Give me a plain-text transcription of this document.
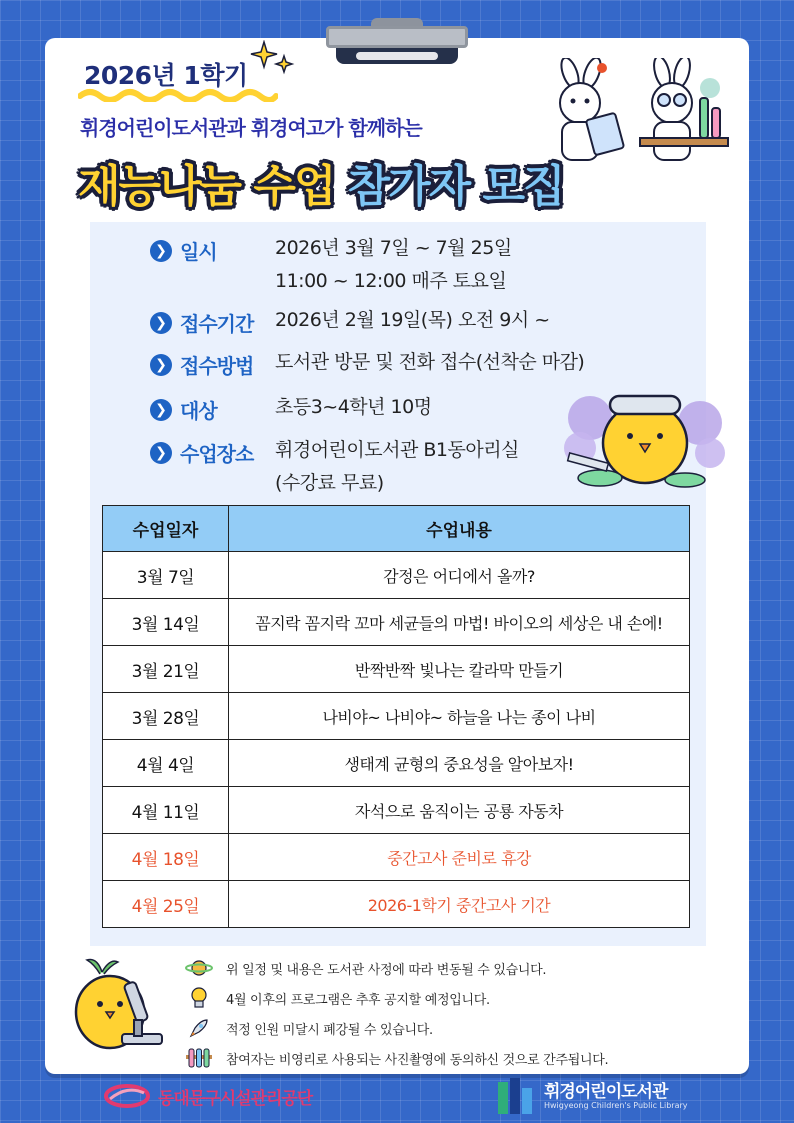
2026년 1학기
휘경어린이도서관과 휘경여고가 함께하는
재능나눔 수업 참가자 모집
❯ 일시	2026년 3월 7일 ~ 7월 25일
11:00 ~ 12:00 매주 토요일
❯ 접수기간	2026년 2월 19일(목) 오전 9시 ~
❯ 접수방법	도서관 방문 및 전화 접수(선착순 마감)
❯ 대상	초등3~4학년 10명
❯ 수업장소	휘경어린이도서관 B1동아리실
(수강료 무료)
수업일자	수업내용
3월 7일	감정은 어디에서 올까?
3월 14일	꼼지락 꼼지락 꼬마 세균들의 마법! 바이오의 세상은 내 손에!
3월 21일	반짝반짝 빛나는 칼라막 만들기
3월 28일	나비야~ 나비야~ 하늘을 나는 종이 나비
4월 4일	생태계 균형의 중요성을 알아보자!
4월 11일	자석으로 움직이는 공룡 자동차
4월 18일	중간고사 준비로 휴강
4월 25일	2026-1학기 중간고사 기간
위 일정 및 내용은 도서관 사정에 따라 변동될 수 있습니다.
4월 이후의 프로그램은 추후 공지할 예정입니다.
적정 인원 미달시 폐강될 수 있습니다.
참여자는 비영리로 사용되는 사진촬영에 동의하신 것으로 간주됩니다.
동대문구시설관리공단	휘경어린이도서관
Hwigyeong Children's Public Library
